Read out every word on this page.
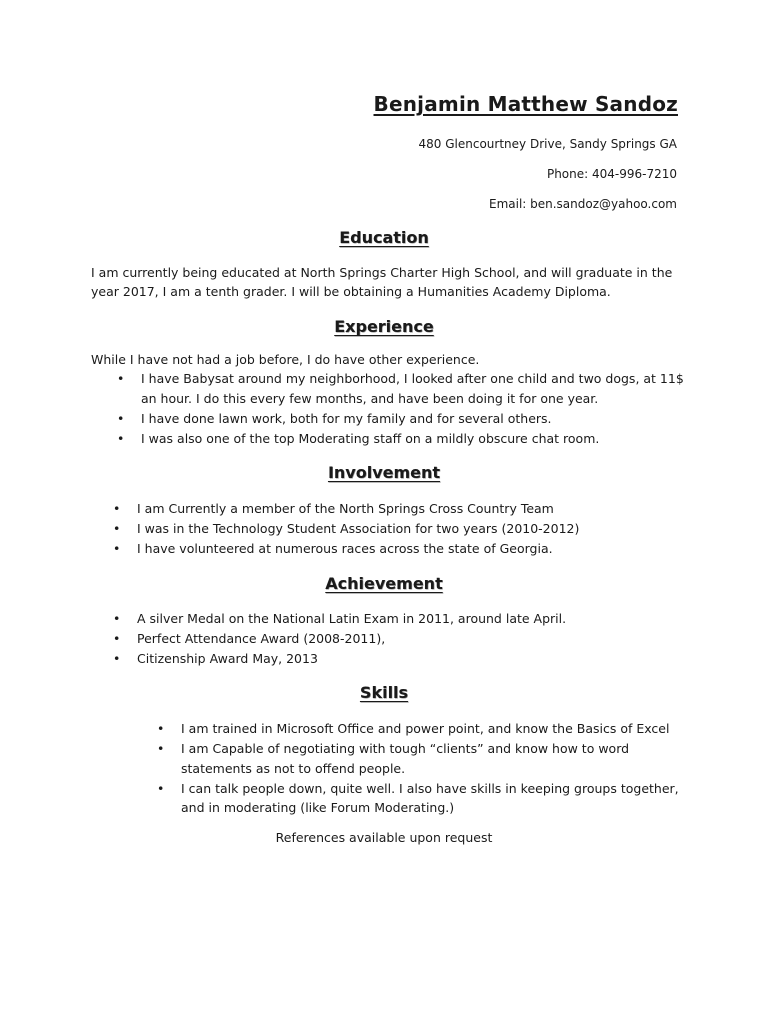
Benjamin Matthew Sandoz
480 Glencourtney Drive, Sandy Springs GA
Phone: 404-996-7210
Email: ben.sandoz@yahoo.com
Education
I am currently being educated at North Springs Charter High School, and will graduate in the year 2017, I am a tenth grader. I will be obtaining a Humanities Academy Diploma.
Experience
While I have not had a job before, I do have other experience.
• I have Babysat around my neighborhood, I looked after one child and two dogs, at 11$ an hour. I do this every few months, and have been doing it for one year.
• I have done lawn work, both for my family and for several others.
• I was also one of the top Moderating staff on a mildly obscure chat room.
Involvement
• I am Currently a member of the North Springs Cross Country Team
• I was in the Technology Student Association for two years (2010-2012)
• I have volunteered at numerous races across the state of Georgia.
Achievement
• A silver Medal on the National Latin Exam in 2011, around late April.
• Perfect Attendance Award (2008-2011),
• Citizenship Award May, 2013
Skills
• I am trained in Microsoft Office and power point, and know the Basics of Excel
• I am Capable of negotiating with tough “clients” and know how to word statements as not to offend people.
• I can talk people down, quite well. I also have skills in keeping groups together, and in moderating (like Forum Moderating.)
References available upon request
